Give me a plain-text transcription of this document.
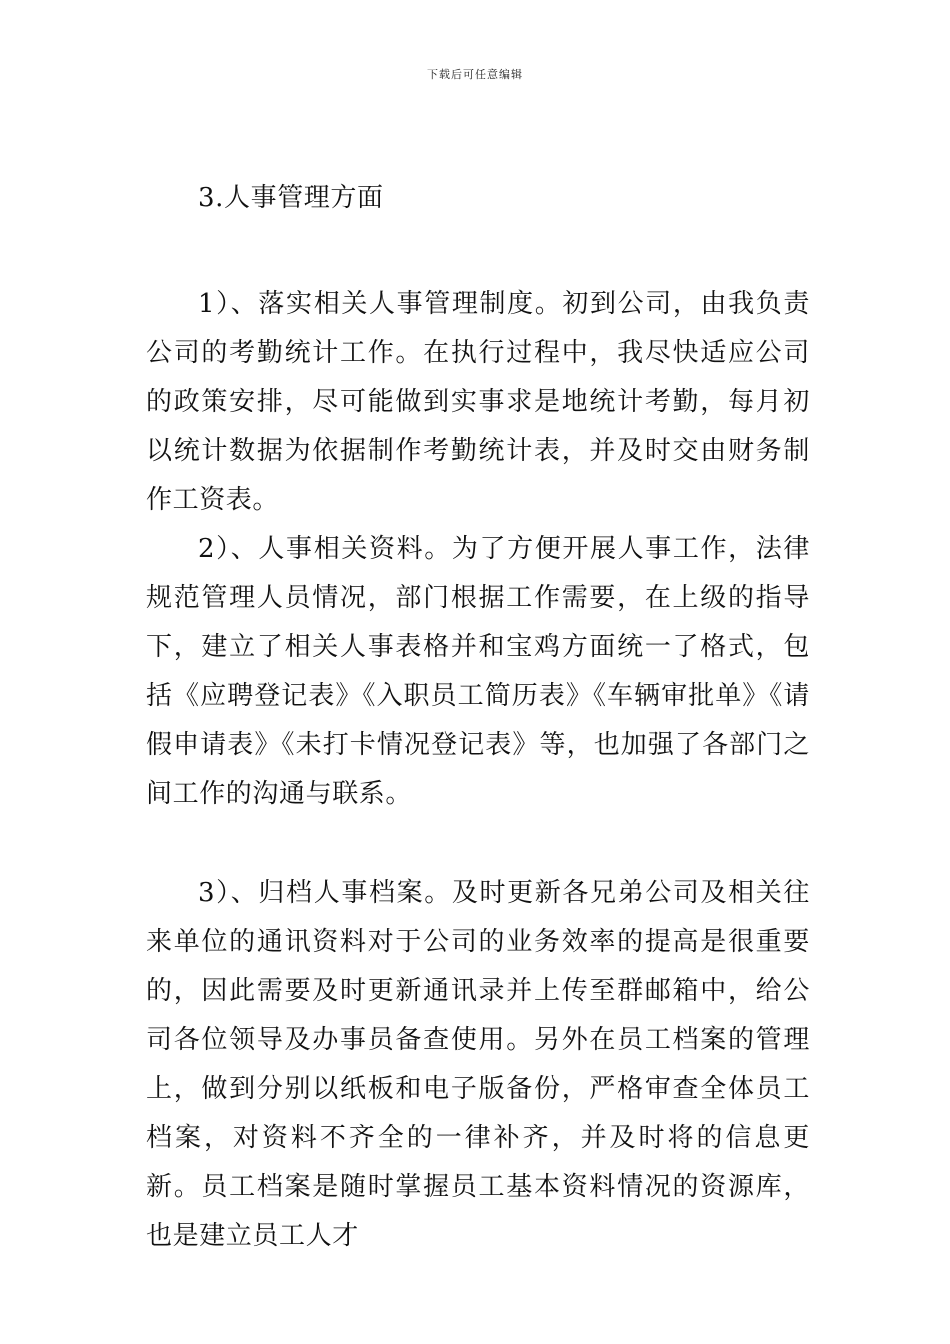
下载后可任意编辑
3.人事管理方面

1）、落实相关人事管理制度。初到公司，由我负责公司的考勤统计工作。在执行过程中，我尽快适应公司的政策安排，尽可能做到实事求是地统计考勤，每月初以统计数据为依据制作考勤统计表，并及时交由财务制作工资表。

2）、人事相关资料。为了方便开展人事工作，法律规范管理人员情况，部门根据工作需要，在上级的指导下，建立了相关人事表格并和宝鸡方面统一了格式，包括《应聘登记表》《入职员工简历表》《车辆审批单》《请假申请表》《未打卡情况登记表》等，也加强了各部门之间工作的沟通与联系。

3）、归档人事档案。及时更新各兄弟公司及相关往来单位的通讯资料对于公司的业务效率的提高是很重要的，因此需要及时更新通讯录并上传至群邮箱中，给公司各位领导及办事员备查使用。另外在员工档案的管理上，做到分别以纸板和电子版备份，严格审查全体员工档案，对资料不齐全的一律补齐，并及时将的信息更新。员工档案是随时掌握员工基本资料情况的资源库，也是建立员工人才
